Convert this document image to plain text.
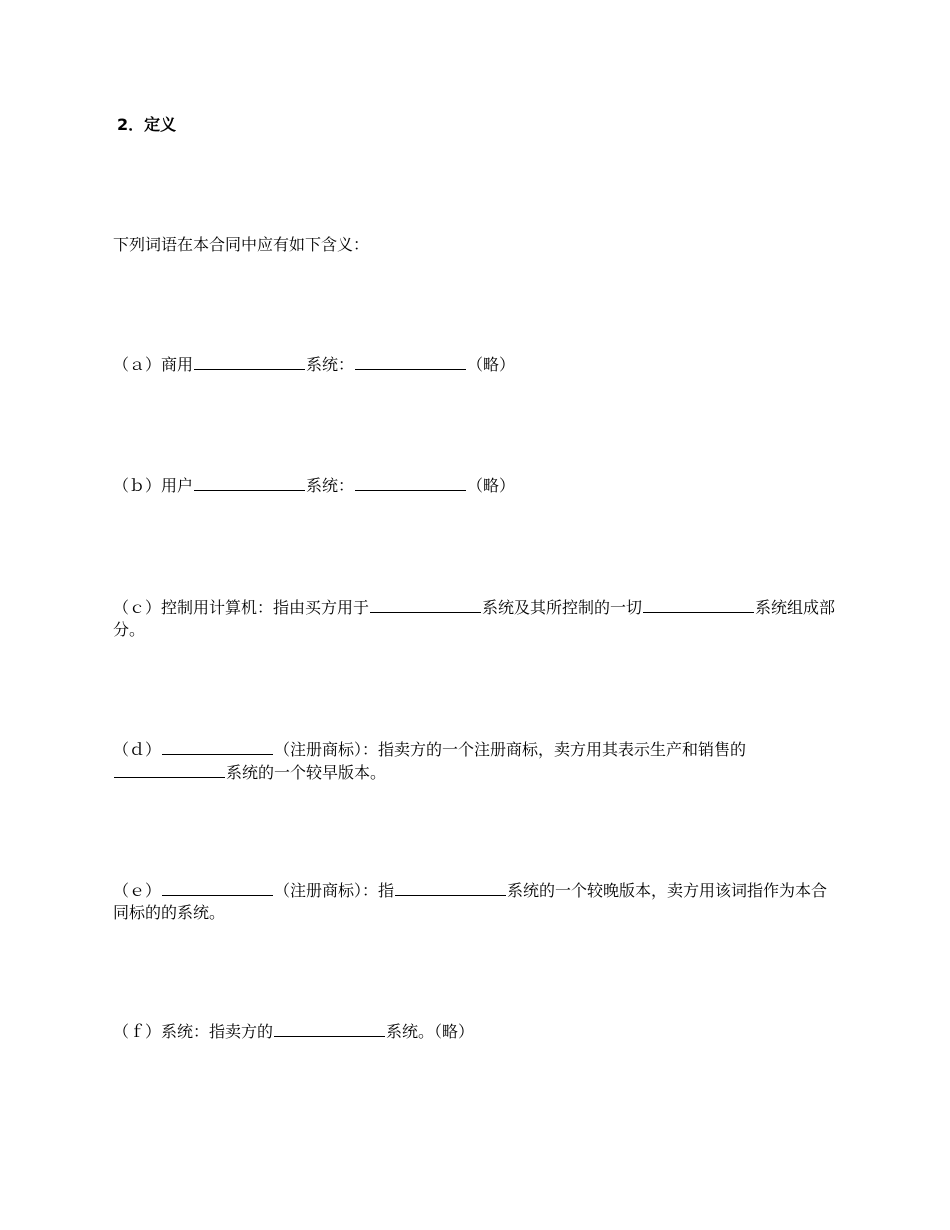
2．定义

下列词语在本合同中应有如下含义：

（ａ）商用	系统：	（略）

（ｂ）用户	系统：	（略）

（ｃ）控制用计算机：指由买方用于	系统及其所控制的一切	系统组成部分。

（ｄ）	（注册商标）：指卖方的一个注册商标，卖方用其表示生产和销售的系统的一个较早版本。

（ｅ）	（注册商标）：指	系统的一个较晚版本，卖方用该词指作为本合同标的的系统。

（ｆ）系统：指卖方的	系统。（略）
